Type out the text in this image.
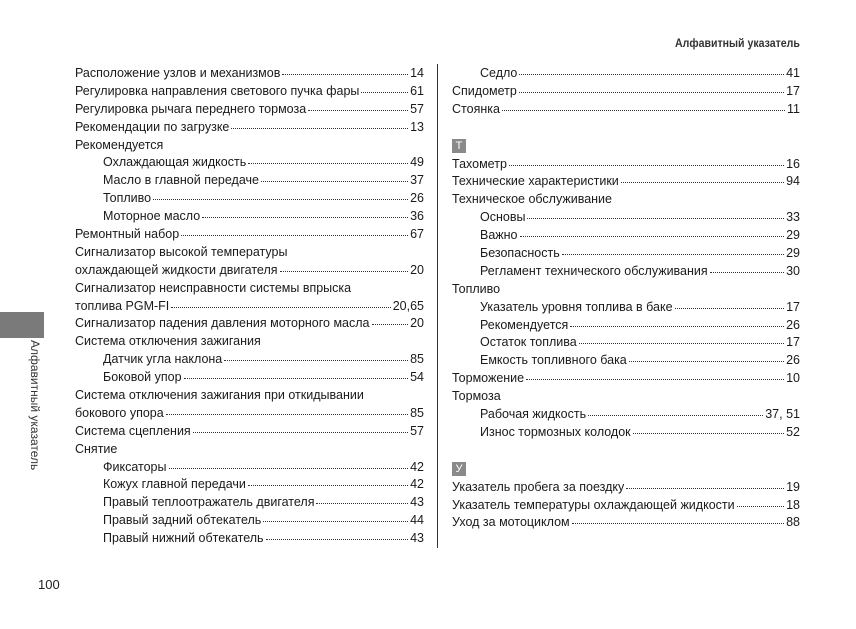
Алфавитный указатель
Алфавитный указатель
Расположение узлов и механизмов	14
Регулировка направления светового пучка фары	61
Регулировка рычага переднего тормоза	57
Рекомендации по загрузке	13
Рекомендуется
Охлаждающая жидкость	49
Масло в главной передаче	37
Топливо	26
Моторное масло	36
Ремонтный набор	67
Сигнализатор высокой температуры
охлаждающей жидкости двигателя	20
Сигнализатор неисправности системы впрыска
топлива PGM-FI	20,65
Сигнализатор падения давления моторного масла	20
Система отключения зажигания
Датчик угла наклона	85
Боковой упор	54
Система отключения зажигания при откидывании
бокового упора	85
Система сцепления	57
Снятие
Фиксаторы	42
Кожух главной передачи	42
Правый теплоотражатель двигателя	43
Правый задний обтекатель	44
Правый нижний обтекатель	43
Седло	41
Спидометр	17
Стоянка	11
Т
Тахометр	16
Технические характеристики	94
Техническое обслуживание
Основы	33
Важно	29
Безопасность	29
Регламент технического обслуживания	30
Топливо
Указатель уровня топлива в баке	17
Рекомендуется	26
Остаток топлива	17
Емкость топливного бака	26
Торможение	10
Тормоза
Рабочая жидкость	37, 51
Износ тормозных колодок	52
У
Указатель пробега за поездку	19
Указатель температуры охлаждающей жидкости	18
Уход за мотоциклом	88
100
